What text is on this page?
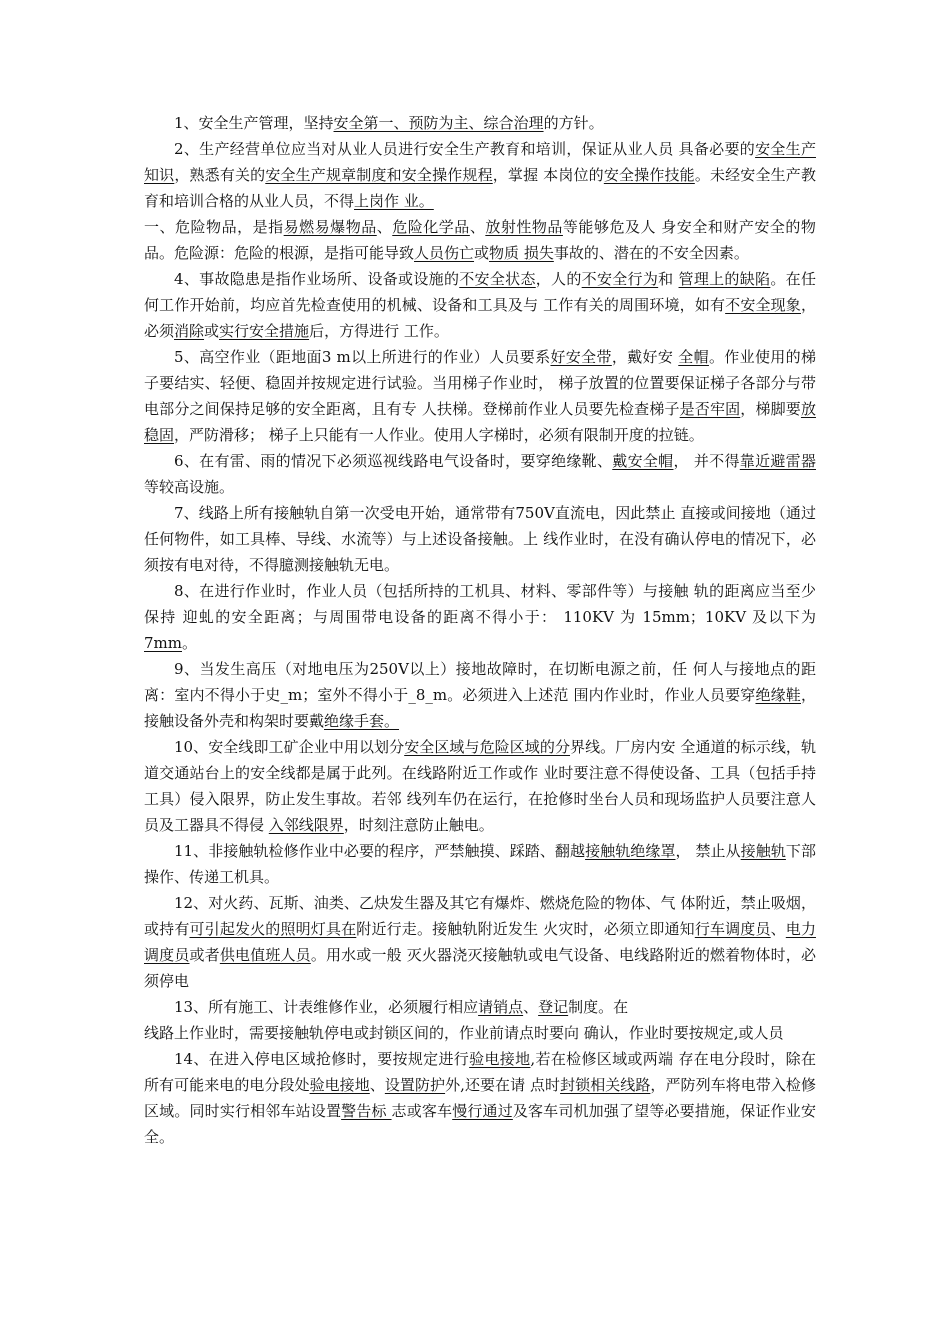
1、安全生产管理，坚持安全第一、预防为主、综合治理的方针。

2、生产经营单位应当对从业人员进行安全生产教育和培训，保证从业人员 具备必要的安全生产知识，熟悉有关的安全生产规章制度和安全操作规程，掌握 本岗位的安全操作技能。未经安全生产教育和培训合格的从业人员，不得上岗作 业。

一、危险物品，是指易燃易爆物品、危险化学品、放射性物品等能够危及人 身安全和财产安全的物品。危险源：危险的根源，是指可能导致人员伤亡或物质 损失事故的、潜在的不安全因素。

4、事故隐患是指作业场所、设备或设施的不安全状态，人的不安全行为和 管理上的缺陷。在任何工作开始前，均应首先检查使用的机械、设备和工具及与 工作有关的周围环境，如有不安全现象，必须消除或实行安全措施后，方得进行 工作。

5、高空作业（距地面3 m以上所进行的作业）人员要系好安全带，戴好安 全帽。作业使用的梯子要结实、轻便、稳固并按规定进行试验。当用梯子作业时， 梯子放置的位置要保证梯子各部分与带电部分之间保持足够的安全距离，且有专 人扶梯。登梯前作业人员要先检查梯子是否牢固，梯脚要放稳固，严防滑移； 梯子上只能有一人作业。使用人字梯时，必须有限制开度的拉链。

6、在有雷、雨的情况下必须巡视线路电气设备时，要穿绝缘靴、戴安全帽， 并不得靠近避雷器等较高设施。

7、线路上所有接触轨自第一次受电开始，通常带有750V直流电，因此禁止 直接或间接地（通过任何物件，如工具棒、导线、水流等）与上述设备接触。上 线作业时，在没有确认停电的情况下，必须按有电对待，不得臆测接触轨无电。

8、在进行作业时，作业人员（包括所持的工机具、材料、零部件等）与接触 轨的距离应当至少保持 迎虬的安全距离；与周围带电设备的距离不得小于： 110KV 为 15mm；10KV 及以下为 7mm。

9、当发生高压（对地电压为250V以上）接地故障时，在切断电源之前，任 何人与接地点的距离：室内不得小于史_m；室外不得小于_8_m。必须进入上述范 围内作业时，作业人员要穿绝缘鞋，接触设备外壳和构架时要戴绝缘手套。

10、安全线即工矿企业中用以划分安全区域与危险区域的分界线。厂房内安 全通道的标示线，轨道交通站台上的安全线都是属于此列。在线路附近工作或作 业时要注意不得使设备、工具（包括手持工具）侵入限界，防止发生事故。若邻 线列车仍在运行，在抢修时坐台人员和现场监护人员要注意人员及工器具不得侵 入邻线限界，时刻注意防止触电。

11、非接触轨检修作业中必要的程序，严禁触摸、踩踏、翻越接触轨绝缘罩， 禁止从接触轨下部操作、传递工机具。

12、对火药、瓦斯、油类、乙炔发生器及其它有爆炸、燃烧危险的物体、气 体附近，禁止吸烟，或持有可引起发火的照明灯具在附近行走。接触轨附近发生 火灾时，必须立即通知行车调度员、电力调度员或者供电值班人员。用水或一般 灭火器浇灭接触轨或电气设备、电线路附近的燃着物体时，必须停电

13、所有施工、计表维修作业，必须履行相应请销点、登记制度。在

线路上作业时，需要接触轨停电或封锁区间的，作业前请点时要向 确认，作业时要按规定,或人员

14、在进入停电区域抢修时，要按规定进行验电接地,若在检修区域或两端 存在电分段时，除在所有可能来电的电分段处验电接地、设置防护外,还要在请 点时封锁相关线路，严防列车将电带入检修区域。同时实行相邻车站设置警告标 志或客车慢行通过及客车司机加强了望等必要措施，保证作业安全。
